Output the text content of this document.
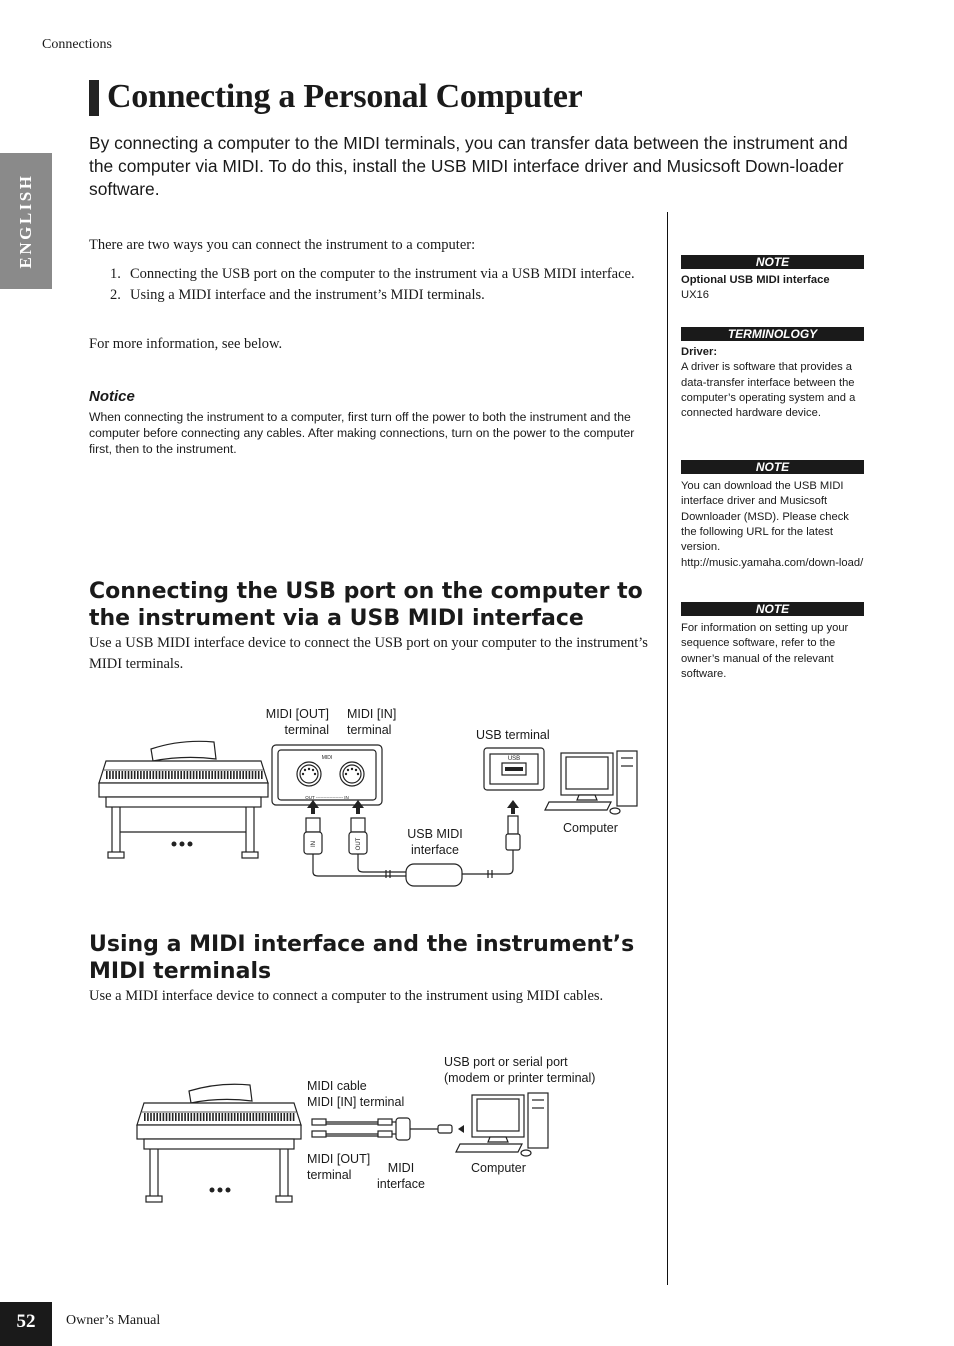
Connections
Connecting a Personal Computer
By connecting a computer to the MIDI terminals, you can transfer data between the instrument and the computer via MIDI. To do this, install the USB MIDI interface driver and Musicsoft Down-loader software.
ENGLISH	There are two ways you can connect the instrument to a computer:
1. Connecting the USB port on the computer to the instrument via a USB MIDI interface.
2. Using a MIDI interface and the instrument’s MIDI terminals.
For more information, see below.
Notice
When connecting the instrument to a computer, first turn off the power to both the instrument and the computer before connecting any cables. After making connections, turn on the power to the computer first, then to the instrument.
Connecting the USB port on the computer to the instrument via a USB MIDI interface
Use a USB MIDI interface device to connect the USB port on your computer to the instrument’s MIDI terminals.
MIDI [OUT]
terminal
MIDI [IN]
terminal	USB terminal
USB MIDI
interface
Computer
MIDI
OUT ------------------ IN
USB
IN	OUT
Using a MIDI interface and the instrument’s MIDI terminals
Use a MIDI interface device to connect a computer to the instrument using MIDI cables.
USB port or serial port
(modem or printer terminal)
MIDI cable
MIDI [IN] terminal
MIDI [OUT]
terminal	MIDI
interface
Computer
NOTE
Optional USB MIDI interface
UX16
TERMINOLOGY
Driver:
A driver is software that provides a data-transfer interface between the computer’s operating system and a connected hardware device.
NOTE
You can download the USB MIDI interface driver and Musicsoft Downloader (MSD). Please check the following URL for the latest version.
http://music.yamaha.com/down-load/
NOTE
For information on setting up your sequence software, refer to the owner’s manual of the relevant software.
52	Owner’s Manual
